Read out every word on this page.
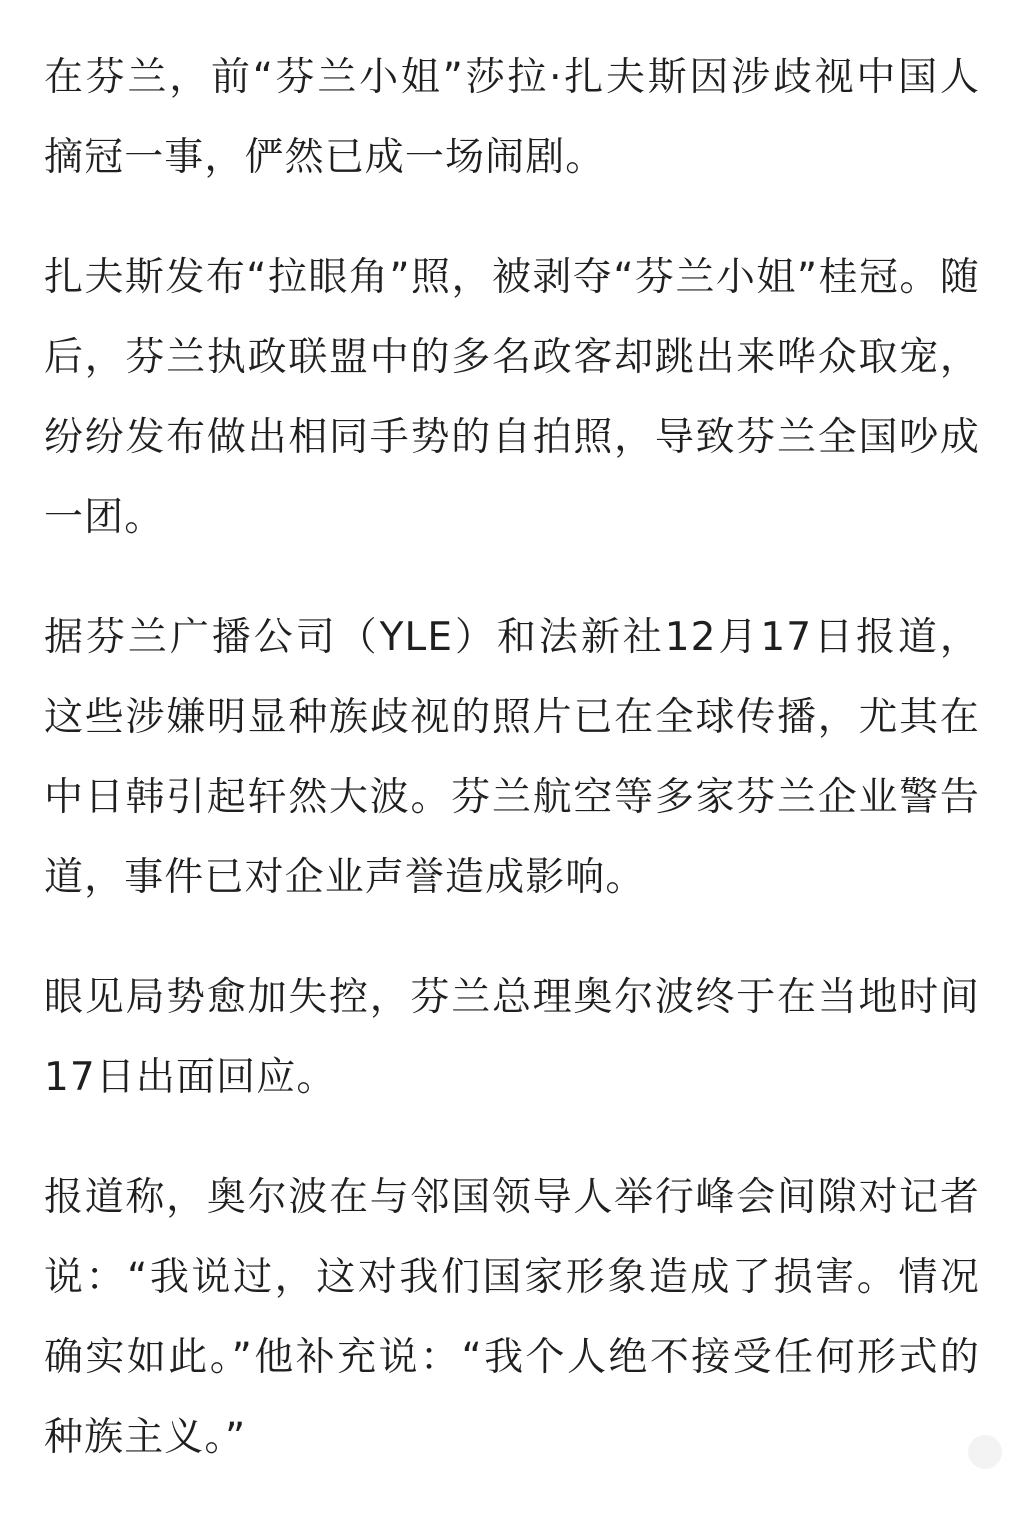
在芬兰，前“芬兰小姐”莎拉·扎夫斯因涉歧视中国人摘冠一事，俨然已成一场闹剧。

扎夫斯发布“拉眼角”照，被剥夺“芬兰小姐”桂冠。随后，芬兰执政联盟中的多名政客却跳出来哗众取宠，纷纷发布做出相同手势的自拍照，导致芬兰全国吵成一团。

据芬兰广播公司（YLE）和法新社12月17日报道，这些涉嫌明显种族歧视的照片已在全球传播，尤其在中日韩引起轩然大波。芬兰航空等多家芬兰企业警告道，事件已对企业声誉造成影响。

眼见局势愈加失控，芬兰总理奥尔波终于在当地时间17日出面回应。

报道称，奥尔波在与邻国领导人举行峰会间隙对记者说：“我说过，这对我们国家形象造成了损害。情况确实如此。”他补充说：“我个人绝不接受任何形式的种族主义。”
